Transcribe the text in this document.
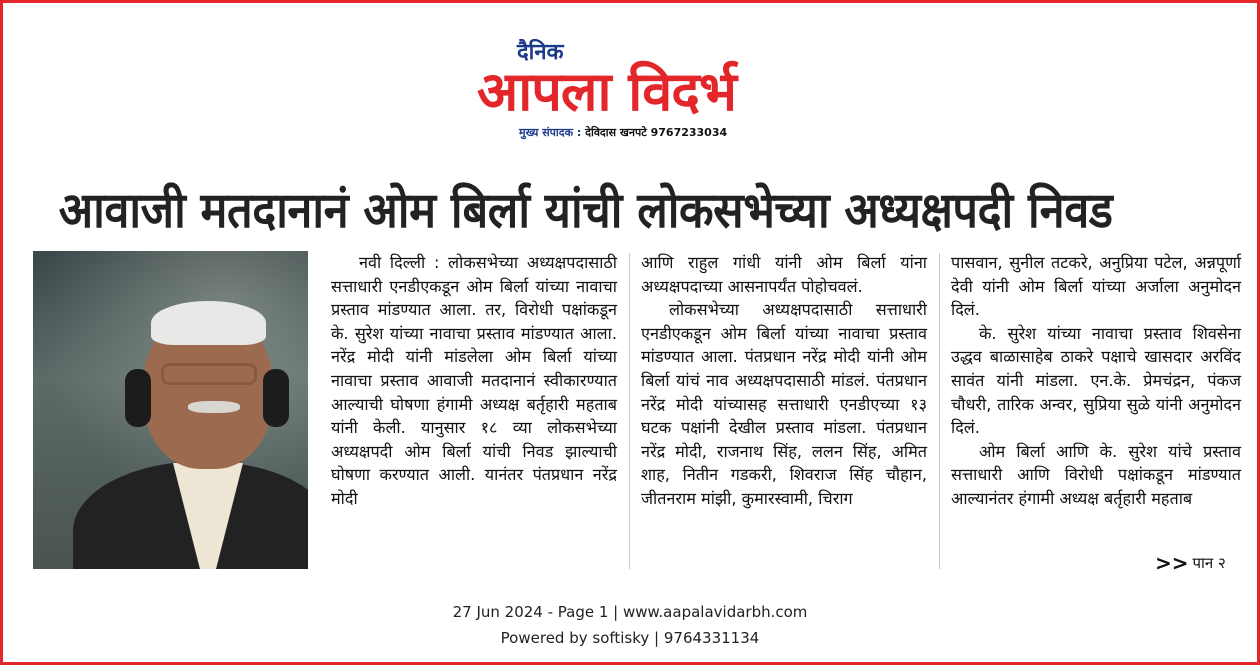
दैनिक
आपला विदर्भ
मुख्य संपादक : देविदास खनपटे 9767233034
आवाजी मतदानानं ओम बिर्ला यांची लोकसभेच्या अध्यक्षपदी निवड

नवी दिल्ली : लोकसभेच्या अध्यक्षपदासाठी सत्ताधारी एनडीएकडून ओम बिर्ला यांच्या नावाचा प्रस्ताव मांडण्यात आला. तर, विरोधी पक्षांकडून के. सुरेश यांच्या नावाचा प्रस्ताव मांडण्यात आला. नरेंद्र मोदी यांनी मांडलेला ओम बिर्ला यांच्या नावाचा प्रस्ताव आवाजी मतदानानं स्वीकारण्यात आल्याची घोषणा हंगामी अध्यक्ष बर्तृहारी महताब यांनी केली. यानुसार १८ व्या लोकसभेच्या अध्यक्षपदी ओम बिर्ला यांची निवड झाल्याची घोषणा करण्यात आली. यानंतर पंतप्रधान नरेंद्र मोदी

आणि राहुल गांधी यांनी ओम बिर्ला यांना अध्यक्षपदाच्या आसनापर्यंत पोहोचवलं.

लोकसभेच्या अध्यक्षपदासाठी सत्ताधारी एनडीएकडून ओम बिर्ला यांच्या नावाचा प्रस्ताव मांडण्यात आला. पंतप्रधान नरेंद्र मोदी यांनी ओम बिर्ला यांचं नाव अध्यक्षपदासाठी मांडलं. पंतप्रधान नरेंद्र मोदी यांच्यासह सत्ताधारी एनडीएच्या १३ घटक पक्षांनी देखील प्रस्ताव मांडला. पंतप्रधान नरेंद्र मोदी, राजनाथ सिंह, ललन सिंह, अमित शाह, नितीन गडकरी, शिवराज सिंह चौहान, जीतनराम मांझी, कुमारस्वामी, चिराग

पासवान, सुनील तटकरे, अनुप्रिया पटेल, अन्नपूर्णा देवी यांनी ओम बिर्ला यांच्या अर्जाला अनुमोदन दिलं.

के. सुरेश यांच्या नावाचा प्रस्ताव शिवसेना उद्धव बाळासाहेब ठाकरे पक्षाचे खासदार अरविंद सावंत यांनी मांडला. एन.के. प्रेमचंद्रन, पंकज चौधरी, तारिक अन्वर, सुप्रिया सुळे यांनी अनुमोदन दिलं.

ओम बिर्ला आणि के. सुरेश यांचे प्रस्ताव सत्ताधारी आणि विरोधी पक्षांकडून मांडण्यात आल्यानंतर हंगामी अध्यक्ष बर्तृहारी महताब

>> पान २
27 Jun 2024 - Page 1 | www.aapalavidarbh.com
Powered by softisky | 9764331134
